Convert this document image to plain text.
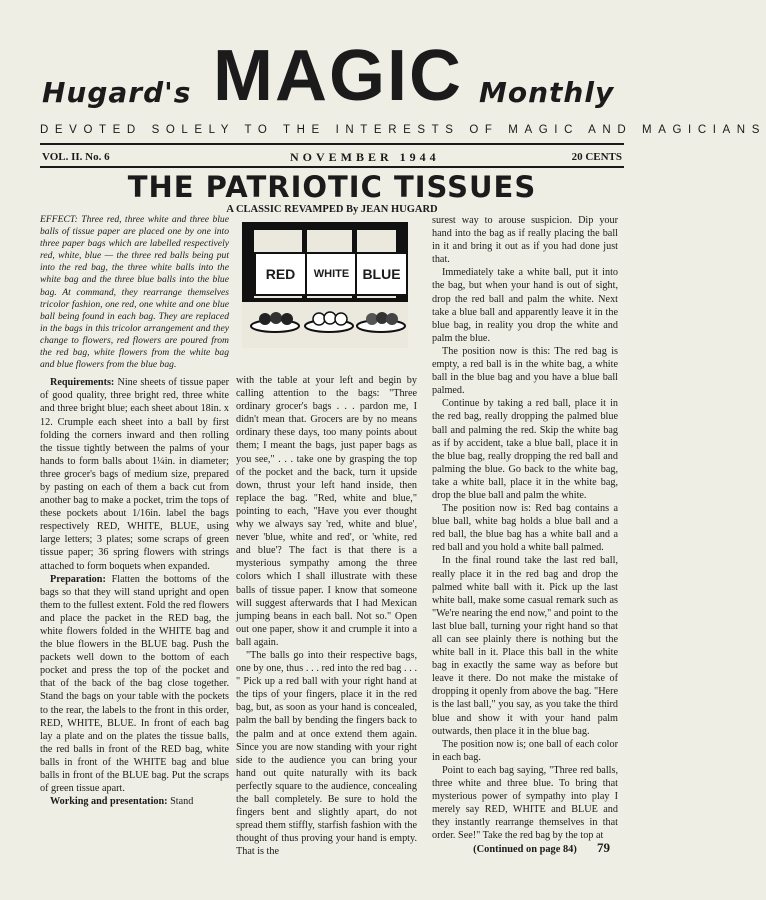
Hugard's MAGIC Monthly
DEVOTED SOLELY TO THE INTERESTS OF MAGIC AND MAGICIANS
VOL. II. No. 6	NOVEMBER 1944	20 CENTS
THE PATRIOTIC TISSUES
A CLASSIC REVAMPED By JEAN HUGARD

EFFECT: Three red, three white and three blue balls of tissue paper are placed one by one into three paper bags which are labelled respectively red, white, blue — the three red balls being put into the red bag, the three white balls into the white bag and the three blue balls into the blue bag. At command, they rearrange themselves tricolor fashion, one red, one white and one blue ball being found in each bag. They are replaced in the bags in this tricolor arrangement and they change to flowers, red flowers are poured from the red bag, white flowers from the white bag and blue flowers from the blue bag.

Requirements: Nine sheets of tissue paper of good quality, three bright red, three white and three bright blue; each sheet about 18in. x 12. Crumple each sheet into a ball by first folding the corners inward and then rolling the tissue tightly between the palms of your hands to form balls about 1¼in. in diameter; three grocer's bags of medium size, prepared by pasting on each of them a back cut from another bag to make a pocket, trim the tops of these pockets about 1/16in. label the bags respectively RED, WHITE, BLUE, using large letters; 3 plates; some scraps of green tissue paper; 36 spring flowers with strings attached to form boquets when expanded.

Preparation: Flatten the bottoms of the bags so that they will stand upright and open them to the fullest extent. Fold the red flowers and place the packet in the RED bag, the white flowers folded in the WHITE bag and the blue flowers in the BLUE bag. Push the packets well down to the bottom of each pocket and press the top of the pocket and that of the back of the bag close together. Stand the bags on your table with the pockets to the rear, the labels to the front in this order, RED, WHITE, BLUE. In front of each bag lay a plate and on the plates the tissue balls, the red balls in front of the RED bag, white balls in front of the WHITE bag and blue balls in front of the BLUE bag. Put the scraps of green tissue apart.

Working and presentation: Stand

RED	WHITE BLUE

with the table at your left and begin by calling attention to the bags: "Three ordinary grocer's bags . . . pardon me, I didn't mean that. Grocers are by no means ordinary these days, too many points about them; I meant the bags, just paper bags as you see," . . . take one by grasping the top of the pocket and the back, turn it upside down, thrust your left hand inside, then replace the bag. "Red, white and blue," pointing to each, "Have you ever thought why we always say 'red, white and blue', never 'blue, white and red', or 'white, red and blue'? The fact is that there is a mysterious sympathy among the three colors which I shall illustrate with these balls of tissue paper. I know that someone will suggest afterwards that I had Mexican jumping beans in each ball. Not so." Open out one paper, show it and crumple it into a ball again.

"The balls go into their respective bags, one by one, thus . . . red into the red bag . . . " Pick up a red ball with your right hand at the tips of your fingers, place it in the red bag, but, as soon as your hand is concealed, palm the ball by bending the fingers back to the palm and at once extend them again. Since you are now standing with your right side to the audience you can bring your hand out quite naturally with its back perfectly square to the audience, concealing the ball completely. Be sure to hold the fingers bent and slightly apart, do not spread them stiffly, starfish fashion with the thought of thus proving your hand is empty. That is the

surest way to arouse suspicion. Dip your hand into the bag as if really placing the ball in it and bring it out as if you had done just that.

Immediately take a white ball, put it into the bag, but when your hand is out of sight, drop the red ball and palm the white. Next take a blue ball and apparently leave it in the blue bag, in reality you drop the white and palm the blue.

The position now is this: The red bag is empty, a red ball is in the white bag, a white ball in the blue bag and you have a blue ball palmed.

Continue by taking a red ball, place it in the red bag, really dropping the palmed blue ball and palming the red. Skip the white bag as if by accident, take a blue ball, place it in the blue bag, really dropping the red ball and palming the blue. Go back to the white bag, take a white ball, place it in the white bag, drop the blue ball and palm the white.

The position now is: Red bag contains a blue ball, white bag holds a blue ball and a red ball, the blue bag has a white ball and a red ball and you hold a white ball palmed.

In the final round take the last red ball, really place it in the red bag and drop the palmed white ball with it. Pick up the last white ball, make some casual remark such as "We're nearing the end now," and point to the last blue ball, turning your right hand so that all can see plainly there is nothing but the white ball in it. Place this ball in the white bag in exactly the same way as before but leave it there. Do not make the mistake of dropping it openly from above the bag. "Here is the last ball," you say, as you take the third blue and show it with your hand palm outwards, then place it in the blue bag.

The position now is; one ball of each color in each bag.

Point to each bag saying, "Three red balls, three white and three blue. To bring that mysterious power of sympathy into play I merely say RED, WHITE and BLUE and they instantly rearrange themselves in that order. See!" Take the red bag by the top at

(Continued on page 84)	79
